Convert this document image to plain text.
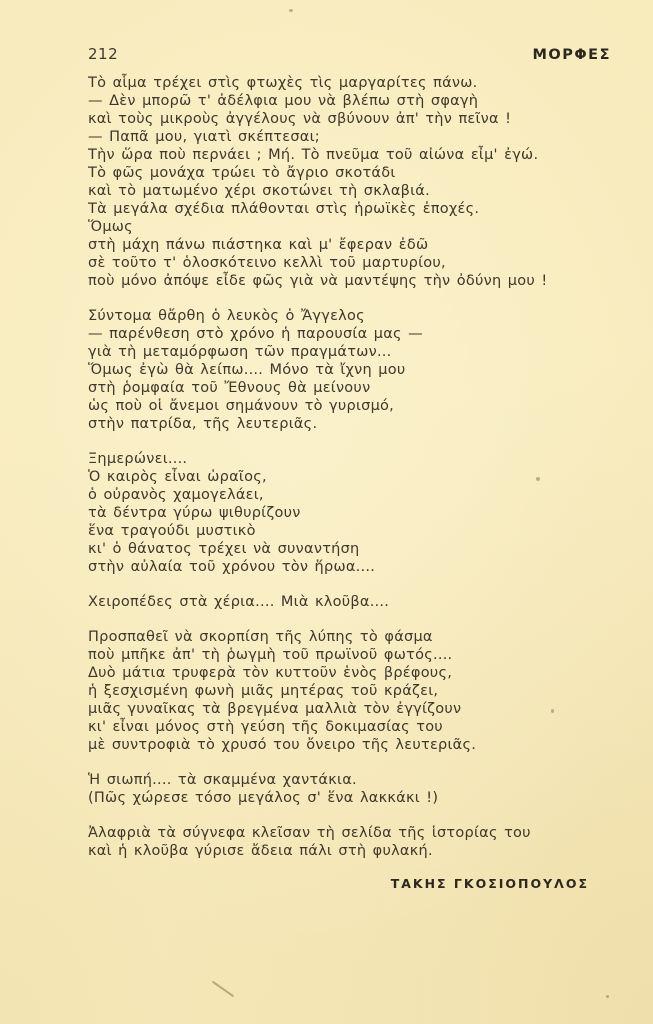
212	ΜΟΡΦΕΣ
Τὸ αἷμα τρέχει στὶς φτωχὲς τὶς μαργαρίτες πάνω.
— Δὲν μπορῶ τ' ἀδέλφια μου νὰ βλέπω στὴ σφαγὴ
καὶ τοὺς μικροὺς ἀγγέλους νὰ σβύνουν ἀπ' τὴν πεῖνα !
— Παπᾶ μου, γιατὶ σκέπτεσαι;
Τὴν ὥρα ποὺ περνάει ; Μή. Τὸ πνεῦμα τοῦ αἰώνα εἶμ' ἐγώ.
Τὸ φῶς μονάχα τρώει τὸ ἄγριο σκοτάδι
καὶ τὸ ματωμένο χέρι σκοτώνει τὴ σκλαβιά.
Τὰ μεγάλα σχέδια πλάθονται στὶς ἡρωϊκὲς ἐποχές.
Ὅμως
στὴ μάχη πάνω πιάστηκα καὶ μ' ἔφεραν ἐδῶ
σὲ τοῦτο τ' ὁλοσκότεινο κελλὶ τοῦ μαρτυρίου,
ποὺ μόνο ἀπόψε εἶδε φῶς γιὰ νὰ μαντέψης τὴν ὀδύνη μου !
Σύντομα θἄρθη ὁ λευκὸς ὁ Ἄγγελος
— παρένθεση στὸ χρόνο ἡ παρουσία μας —
γιὰ τὴ μεταμόρφωση τῶν πραγμάτων...
Ὅμως ἐγὼ θὰ λείπω.... Μόνο τὰ ἴχνη μου
στὴ ῥομφαία τοῦ Ἔθνους θὰ μείνουν
ὡς ποὺ οἱ ἄνεμοι σημάνουν τὸ γυρισμό,
στὴν πατρίδα, τῆς λευτεριᾶς.
Ξημερώνει....
Ὁ καιρὸς εἶναι ὡραῖος,
ὁ οὐρανὸς χαμογελάει,
τὰ δέντρα γύρω ψιθυρίζουν
ἕνα τραγούδι μυστικὸ
κι' ὁ θάνατος τρέχει νὰ συναντήση
στὴν αὐλαία τοῦ χρόνου τὸν ἥρωα....
Χειροπέδες στὰ χέρια.... Μιὰ κλοῦβα....
Προσπαθεῖ νὰ σκορπίση τῆς λύπης τὸ φάσμα
ποὺ μπῆκε ἀπ' τὴ ῥωγμὴ τοῦ πρωϊνοῦ φωτός....
Δυὸ μάτια τρυφερὰ τὸν κυττοῦν ἑνὸς βρέφους,
ἡ ξεσχισμένη φωνὴ μιᾶς μητέρας τοῦ κράζει,
μιᾶς γυναῖκας τὰ βρεγμένα μαλλιὰ τὸν ἐγγίζουν
κι' εἶναι μόνος στὴ γεύση τῆς δοκιμασίας του
μὲ συντροφιὰ τὸ χρυσό του ὄνειρο τῆς λευτεριᾶς.
Ἡ σιωπή.... τὰ σκαμμένα χαντάκια.
(Πῶς χώρεσε τόσο μεγάλος σ' ἕνα λακκάκι !)
Ἀλαφριὰ τὰ σύγνεφα κλεῖσαν τὴ σελίδα τῆς ἱστορίας του
καὶ ἡ κλοῦβα γύρισε ἄδεια πάλι στὴ φυλακή.
ΤΑΚΗΣ ΓΚΟΣΙΟΠΟΥΛΟΣ
